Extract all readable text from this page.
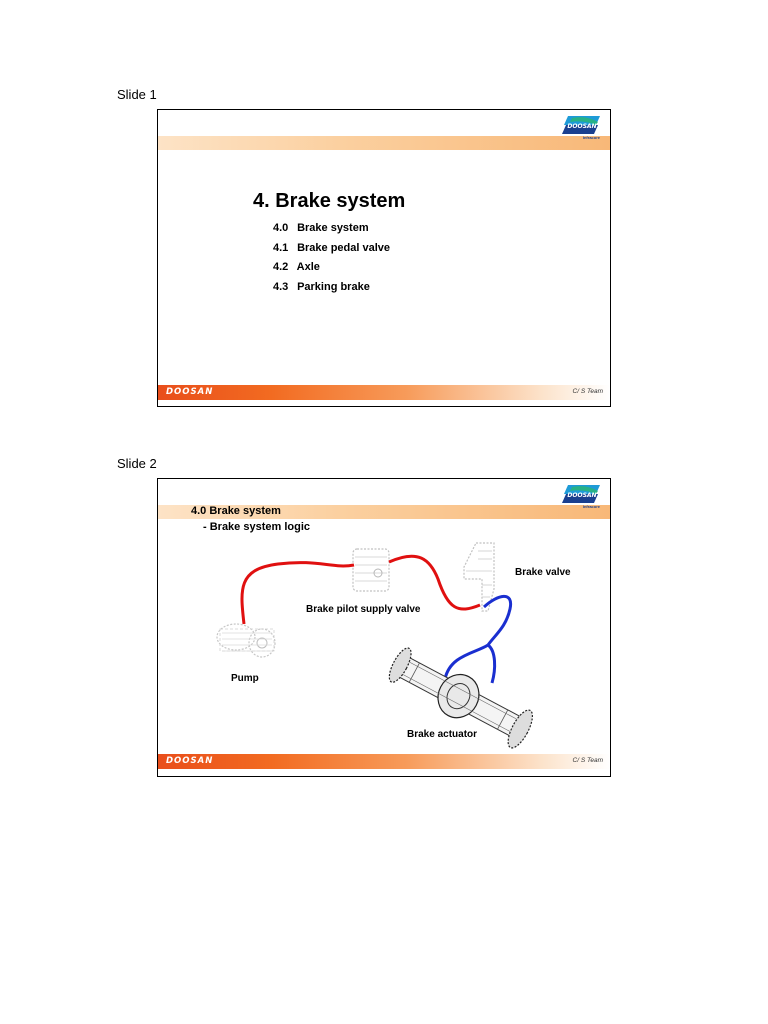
Slide 1
DOOSAN
Infracore
4. Brake system
4.0 Brake system
4.1 Brake pedal valve
4.2 Axle
4.3 Parking brake
DOOSAN	C/ S Team
Slide 2
DOOSAN
Infracore
4.0 Brake system
- Brake system logic
Brake valve
Brake pilot supply valve
Pump
Brake actuator
DOOSAN	C/ S Team
